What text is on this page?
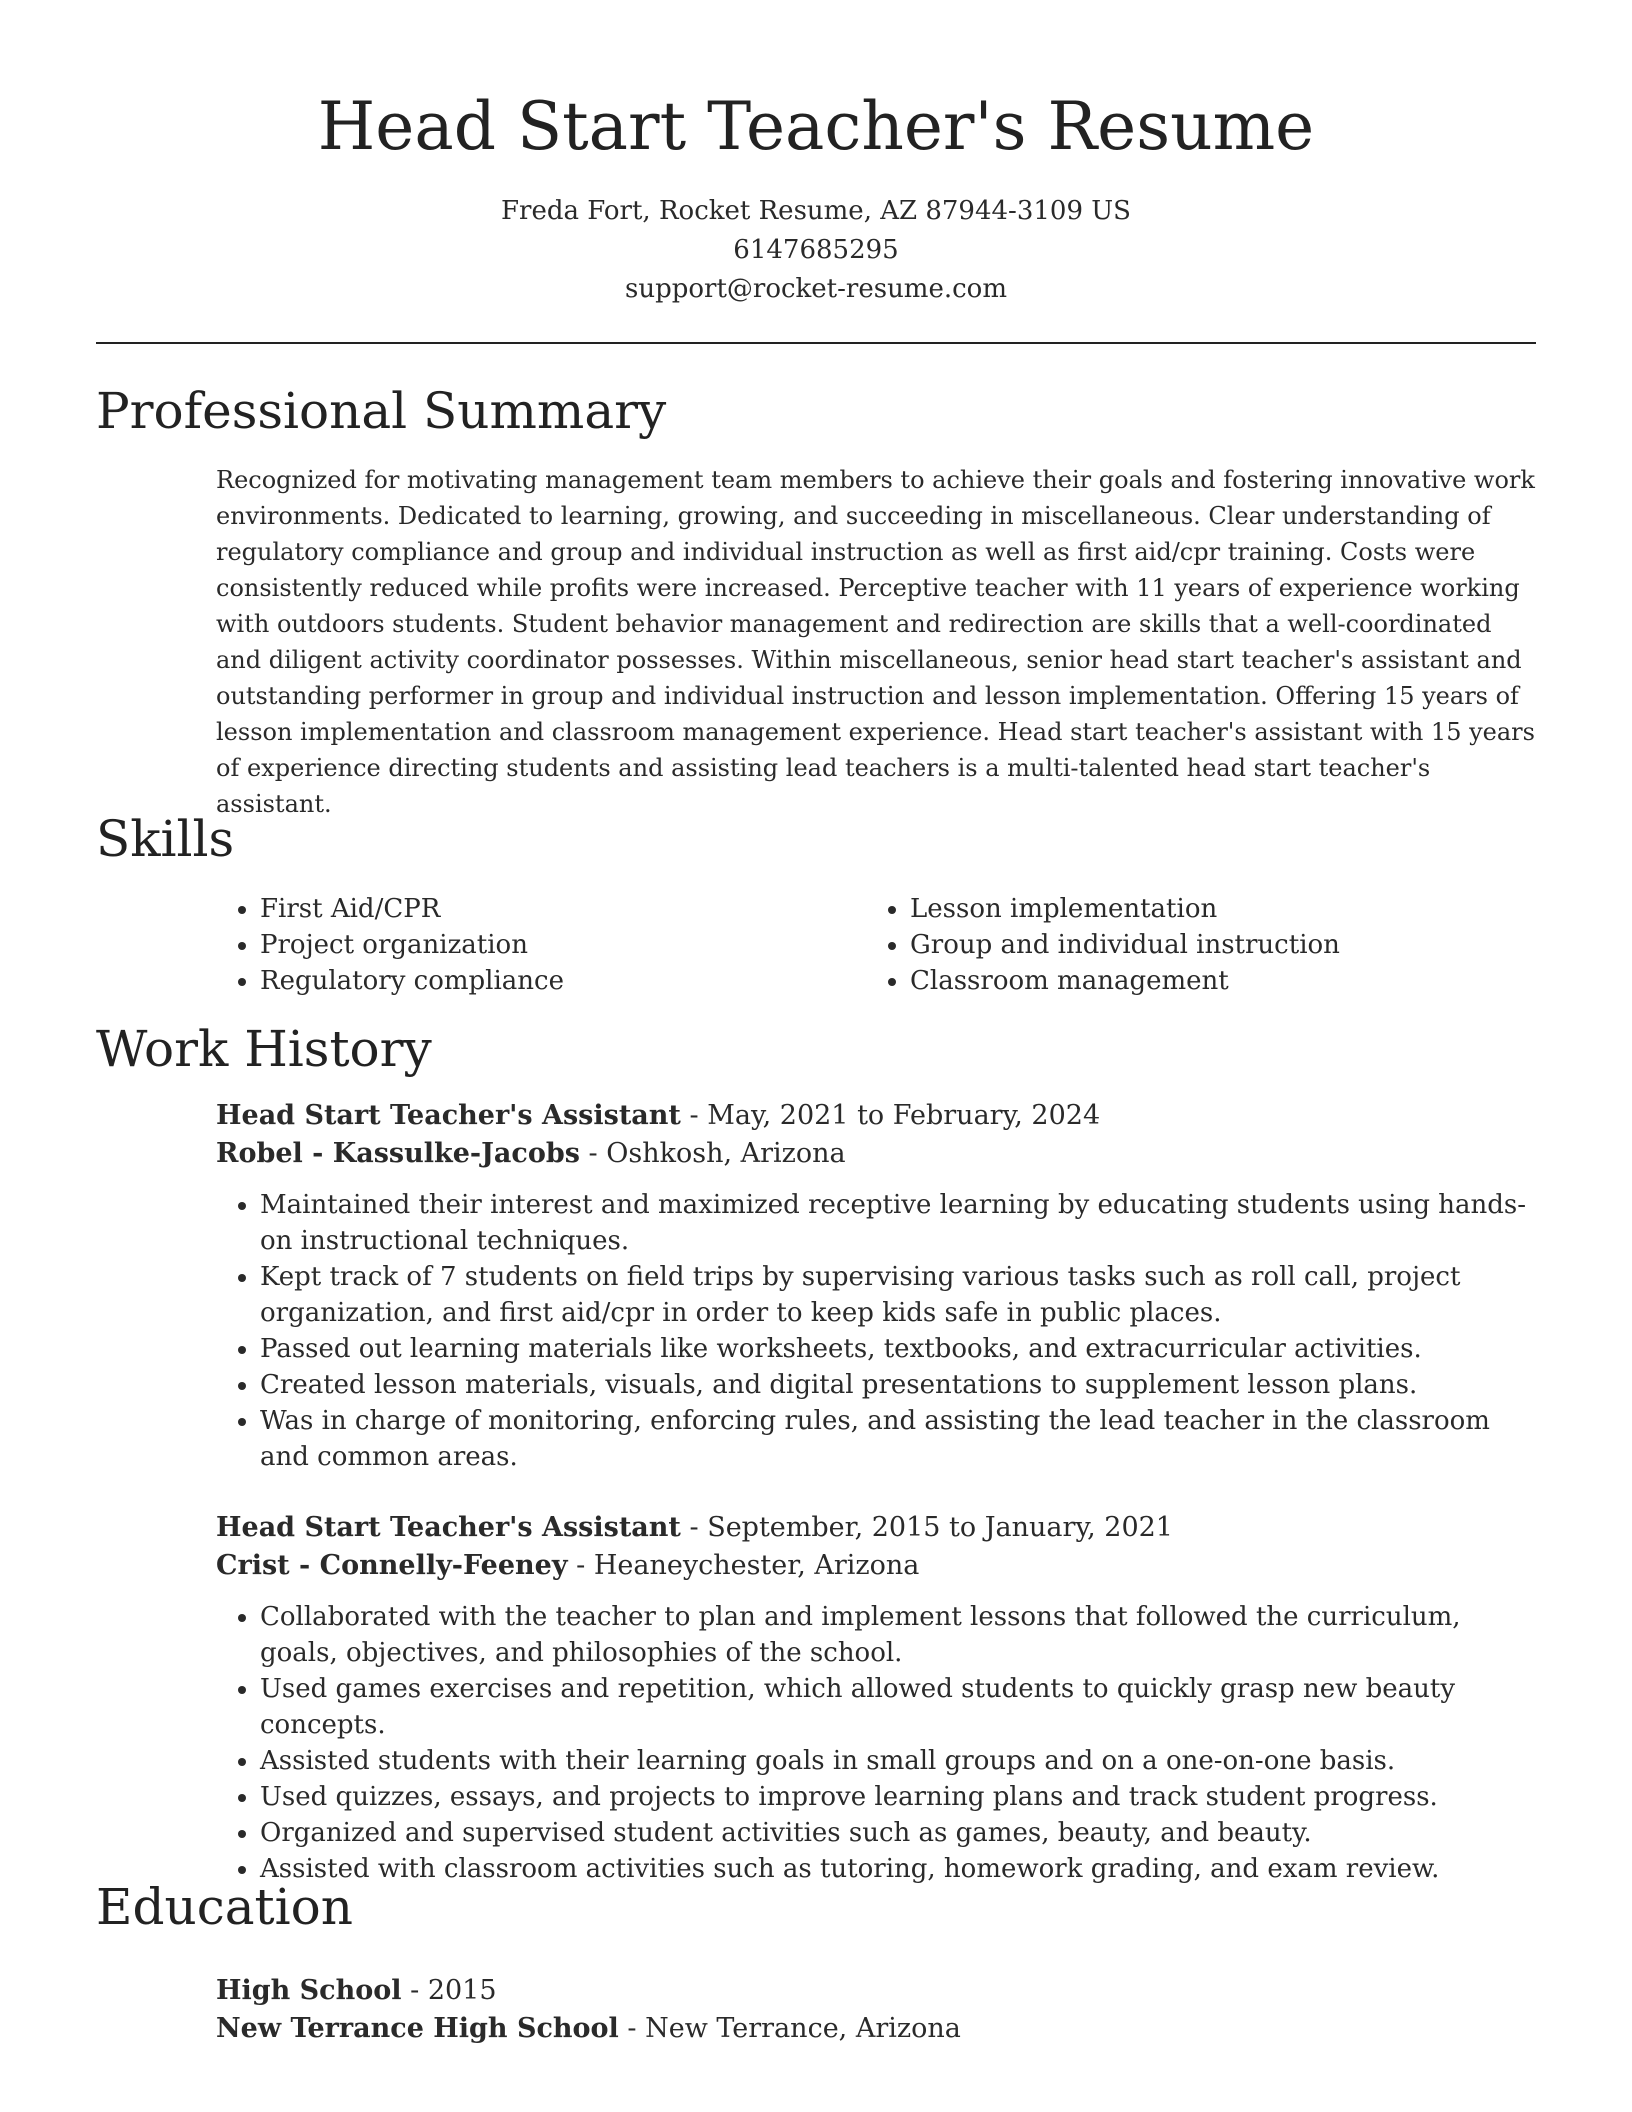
Head Start Teacher's Resume
Freda Fort, Rocket Resume, AZ 87944-3109 US
6147685295
support@rocket-resume.com
Professional Summary

Recognized for motivating management team members to achieve their goals and fostering innovative work environments. Dedicated to learning, growing, and succeeding in miscellaneous. Clear understanding of regulatory compliance and group and individual instruction as well as first aid/cpr training. Costs were consistently reduced while profits were increased. Perceptive teacher with 11 years of experience working with outdoors students. Student behavior management and redirection are skills that a well-coordinated and diligent activity coordinator possesses. Within miscellaneous, senior head start teacher's assistant and outstanding performer in group and individual instruction and lesson implementation. Offering 15 years of lesson implementation and classroom management experience. Head start teacher's assistant with 15 years of experience directing students and assisting lead teachers is a multi-talented head start teacher's assistant.

Skills
• First Aid/CPR
• Project organization
• Regulatory compliance
• Lesson implementation
• Group and individual instruction
• Classroom management
Work History
Head Start Teacher's Assistant - May, 2021 to February, 2024
Robel - Kassulke-Jacobs - Oshkosh, Arizona
• Maintained their interest and maximized receptive learning by educating students using hands-on instructional techniques.
• Kept track of 7 students on field trips by supervising various tasks such as roll call, project organization, and first aid/cpr in order to keep kids safe in public places.
• Passed out learning materials like worksheets, textbooks, and extracurricular activities.
• Created lesson materials, visuals, and digital presentations to supplement lesson plans.
• Was in charge of monitoring, enforcing rules, and assisting the lead teacher in the classroom and common areas.
Head Start Teacher's Assistant - September, 2015 to January, 2021
Crist - Connelly-Feeney - Heaneychester, Arizona
• Collaborated with the teacher to plan and implement lessons that followed the curriculum, goals, objectives, and philosophies of the school.
• Used games exercises and repetition, which allowed students to quickly grasp new beauty concepts.
• Assisted students with their learning goals in small groups and on a one-on-one basis.
• Used quizzes, essays, and projects to improve learning plans and track student progress.
• Organized and supervised student activities such as games, beauty, and beauty.
• Assisted with classroom activities such as tutoring, homework grading, and exam review.
Education
High School - 2015
New Terrance High School - New Terrance, Arizona
